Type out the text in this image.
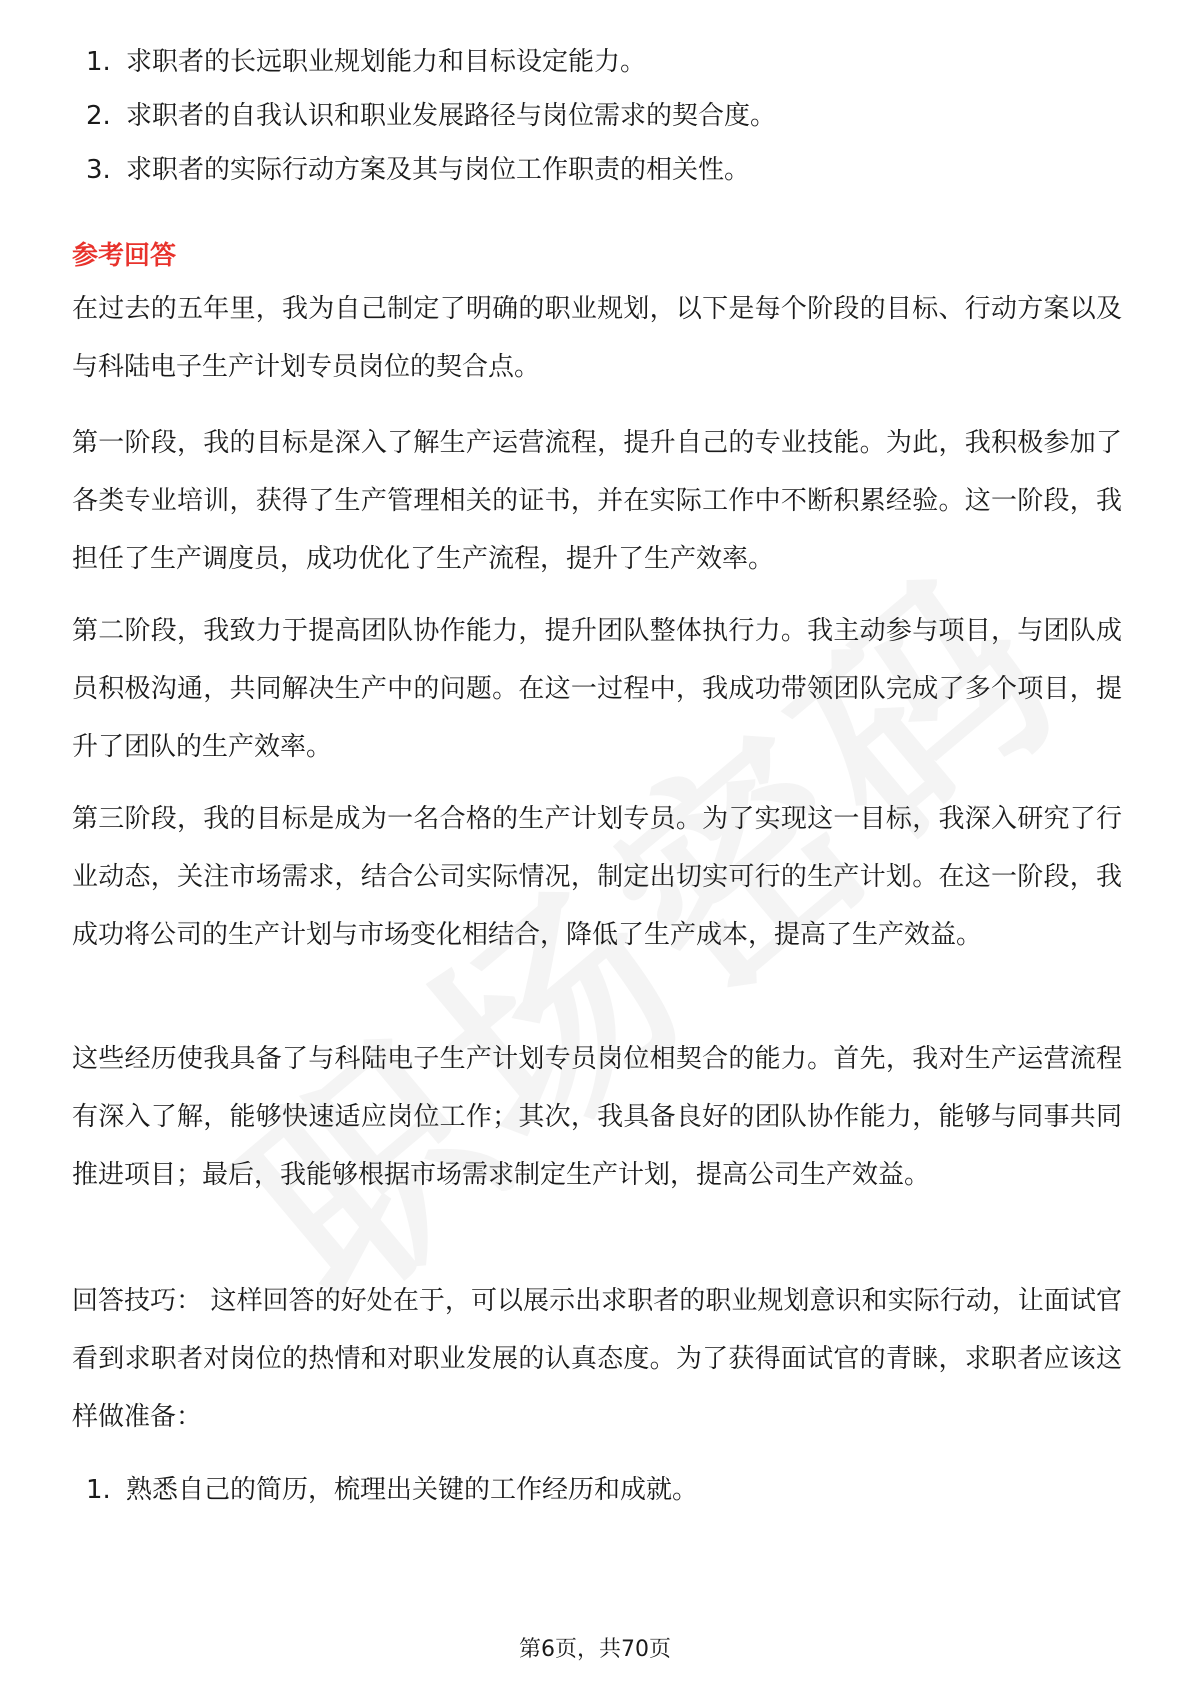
1. 求职者的长远职业规划能力和目标设定能力。
2. 求职者的自我认识和职业发展路径与岗位需求的契合度。
3. 求职者的实际行动方案及其与岗位工作职责的相关性。
参考回答
在过去的五年里，我为自己制定了明确的职业规划，以下是每个阶段的目标、行动方案以及与科陆电子生产计划专员岗位的契合点。
第一阶段，我的目标是深入了解生产运营流程，提升自己的专业技能。为此，我积极参加了各类专业培训，获得了生产管理相关的证书，并在实际工作中不断积累经验。这一阶段，我担任了生产调度员，成功优化了生产流程，提升了生产效率。
第二阶段，我致力于提高团队协作能力，提升团队整体执行力。我主动参与项目，与团队成员积极沟通，共同解决生产中的问题。在这一过程中，我成功带领团队完成了多个项目，提升了团队的生产效率。
第三阶段，我的目标是成为一名合格的生产计划专员。为了实现这一目标，我深入研究了行业动态，关注市场需求，结合公司实际情况，制定出切实可行的生产计划。在这一阶段，我成功将公司的生产计划与市场变化相结合，降低了生产成本，提高了生产效益。
这些经历使我具备了与科陆电子生产计划专员岗位相契合的能力。首先，我对生产运营流程有深入了解，能够快速适应岗位工作；其次，我具备良好的团队协作能力，能够与同事共同推进项目；最后，我能够根据市场需求制定生产计划，提高公司生产效益。
回答技巧： 这样回答的好处在于，可以展示出求职者的职业规划意识和实际行动，让面试官看到求职者对岗位的热情和对职业发展的认真态度。为了获得面试官的青睐，求职者应该这样做准备：
1. 熟悉自己的简历，梳理出关键的工作经历和成就。
第6页，共70页
